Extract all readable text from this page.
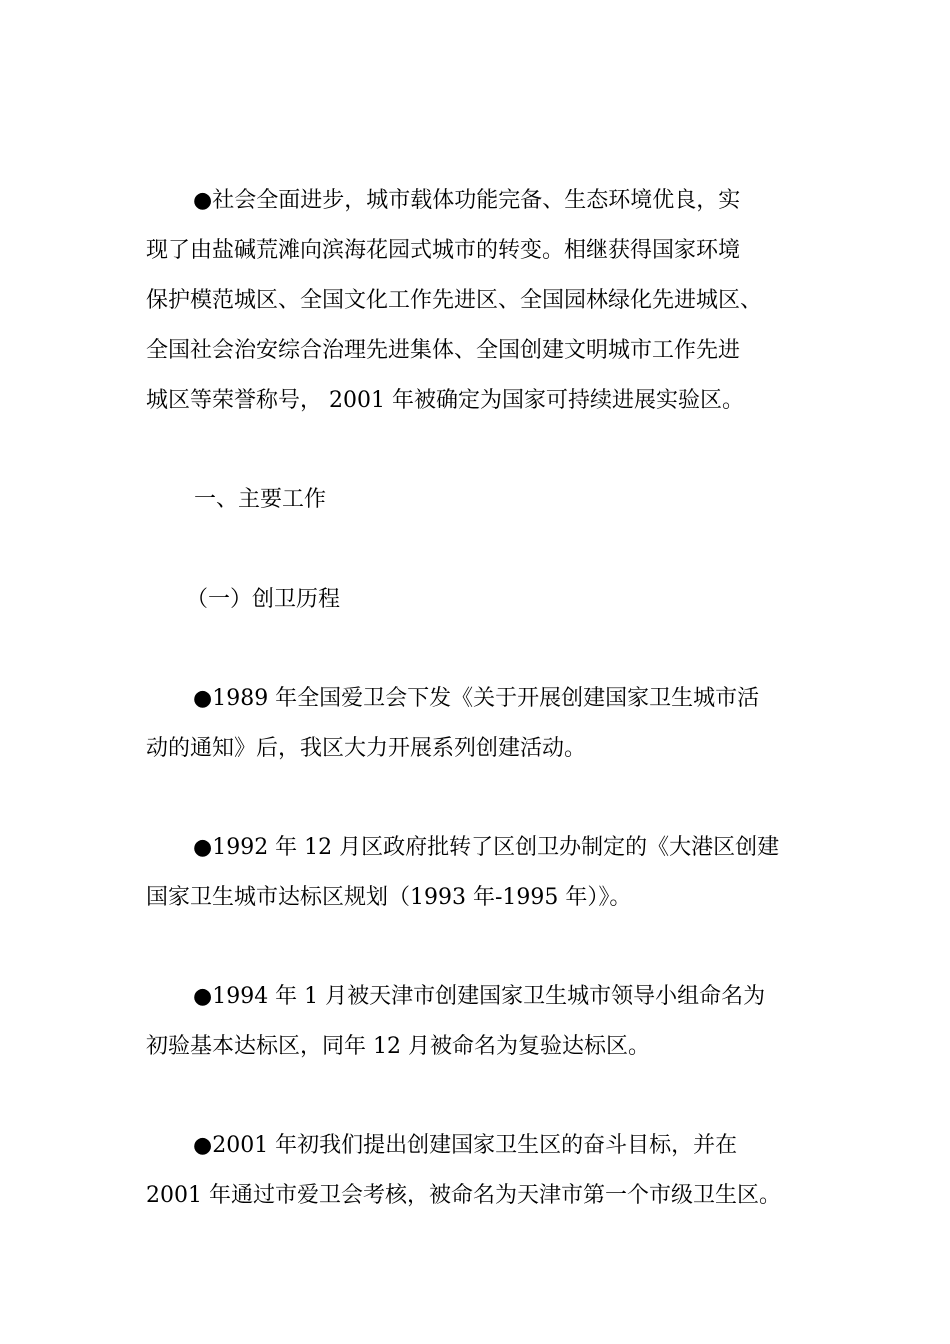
●社会全面进步，城市载体功能完备、生态环境优良，实
现了由盐碱荒滩向滨海花园式城市的转变。相继获得国家环境
保护模范城区、全国文化工作先进区、全国园林绿化先进城区、
全国社会治安综合治理先进集体、全国创建文明城市工作先进
城区等荣誉称号， 2001 年被确定为国家可持续进展实验区。
一、主要工作
（一）创卫历程
●1989 年全国爱卫会下发《关于开展创建国家卫生城市活
动的通知》后，我区大力开展系列创建活动。
●1992 年 12 月区政府批转了区创卫办制定的《大港区创建
国家卫生城市达标区规划（1993 年-1995 年）》。
●1994 年 1 月被天津市创建国家卫生城市领导小组命名为
初验基本达标区，同年 12 月被命名为复验达标区。
●2001 年初我们提出创建国家卫生区的奋斗目标，并在
2001 年通过市爱卫会考核，被命名为天津市第一个市级卫生区。
